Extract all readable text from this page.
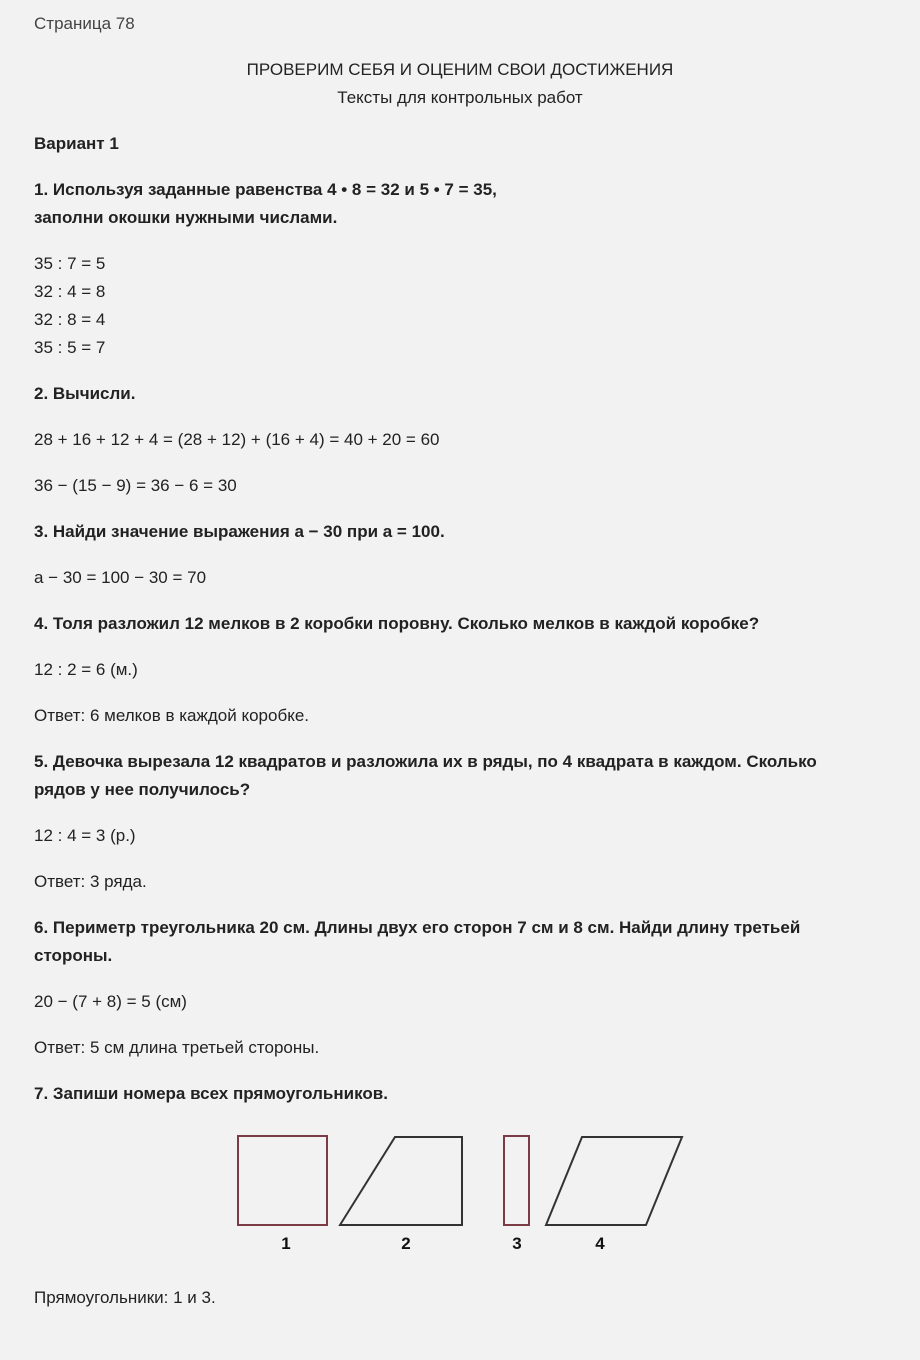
Страница 78

ПРОВЕРИМ СЕБЯ И ОЦЕНИМ СВОИ ДОСТИЖЕНИЯ

Тексты для контрольных работ

Вариант 1

1. Используя заданные равенства 4 • 8 = 32 и 5 • 7 = 35,

заполни окошки нужными числами.

35 : 7 = 5

32 : 4 = 8

32 : 8 = 4

35 : 5 = 7

2. Вычисли.

28 + 16 + 12 + 4 = (28 + 12) + (16 + 4) = 40 + 20 = 60

36 − (15 − 9) = 36 − 6 = 30

3. Найди значение выражения a − 30 при a = 100.

a − 30 = 100 − 30 = 70

4. Толя разложил 12 мелков в 2 коробки поровну. Сколько мелков в каждой коробке?

12 : 2 = 6 (м.)

Ответ: 6 мелков в каждой коробке.

5. Девочка вырезала 12 квадратов и разложила их в ряды, по 4 квадрата в каждом. Сколько

рядов у нее получилось?

12 : 4 = 3 (р.)

Ответ: 3 ряда.

6. Периметр треугольника 20 см. Длины двух его сторон 7 см и 8 см. Найди длину третьей

стороны.

20 − (7 + 8) = 5 (см)

Ответ: 5 см длина третьей стороны.

7. Запиши номера всех прямоугольников.

1	2	3	4

Прямоугольники: 1 и 3.
